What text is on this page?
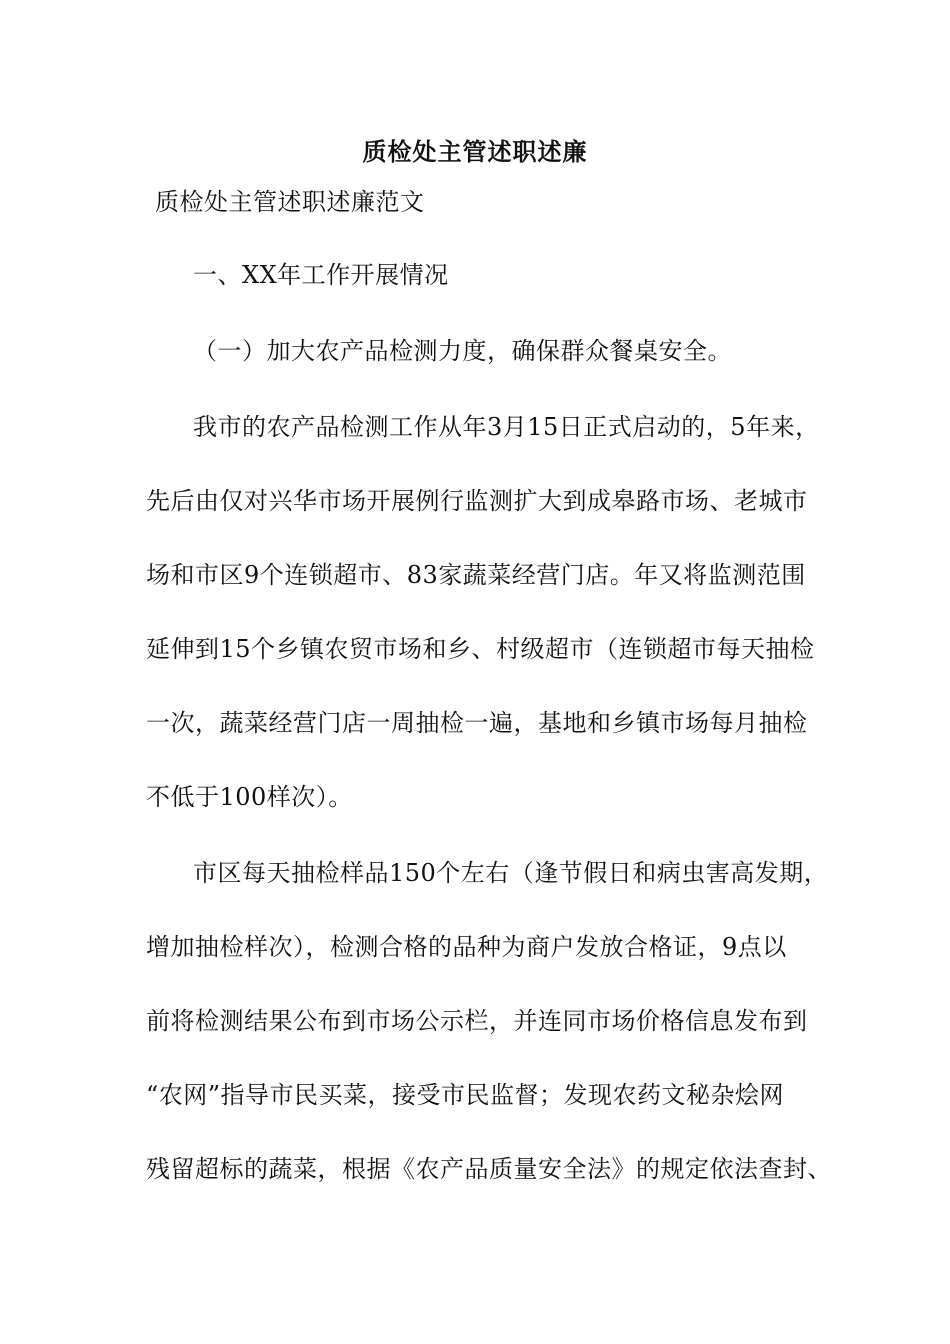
质检处主管述职述廉
质检处主管述职述廉范文
一、XX年工作开展情况
（一）加大农产品检测力度，确保群众餐桌安全。
我市的农产品检测工作从年3月15日正式启动的，5年来，
先后由仅对兴华市场开展例行监测扩大到成皋路市场、老城市
场和市区9个连锁超市、83家蔬菜经营门店。年又将监测范围
延伸到15个乡镇农贸市场和乡、村级超市（连锁超市每天抽检
一次，蔬菜经营门店一周抽检一遍，基地和乡镇市场每月抽检
不低于100样次）。
市区每天抽检样品150个左右（逢节假日和病虫害高发期，
增加抽检样次），检测合格的品种为商户发放合格证，9点以
前将检测结果公布到市场公示栏，并连同市场价格信息发布到
“农网”指导市民买菜，接受市民监督；发现农药文秘杂烩网
残留超标的蔬菜，根据《农产品质量安全法》的规定依法查封、
